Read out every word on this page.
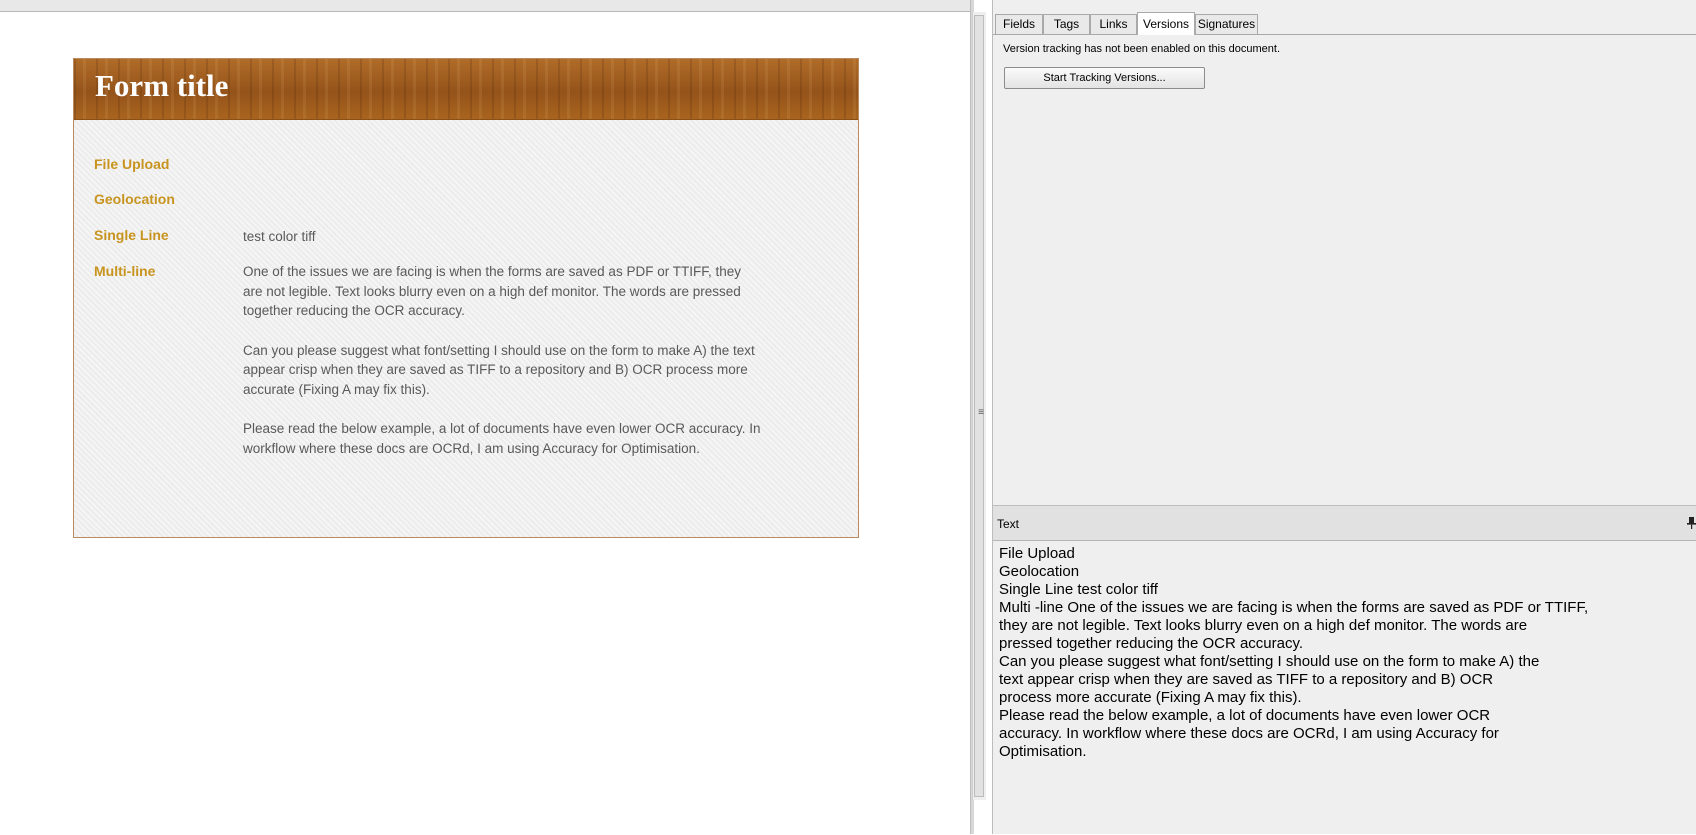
Form title
File Upload
Geolocation
Single Line	test color tiff
Multi-line	One of the issues we are facing is when the forms are saved as PDF or TTIFF, they are not legible. Text looks blurry even on a high def monitor. The words are pressed together reducing the OCR accuracy.

Can you please suggest what font/setting I should use on the form to make A) the text appear crisp when they are saved as TIFF to a repository and B) OCR process more accurate (Fixing A may fix this).

Please read the below example, a lot of documents have even lower OCR accuracy. In workflow where these docs are OCRd, I am using Accuracy for Optimisation.

≡
Fields	Tags	Links	Versions Signatures
Version tracking has not been enabled on this document.
Start Tracking Versions...
Text
File Upload
Geolocation
Single Line test color tiff
Multi -line One of the issues we are facing is when the forms are saved as PDF or TTIFF,
they are not legible. Text looks blurry even on a high def monitor. The words are
pressed together reducing the OCR accuracy.
Can you please suggest what font/setting I should use on the form to make A) the
text appear crisp when they are saved as TIFF to a repository and B) OCR
process more accurate (Fixing A may fix this).
Please read the below example, a lot of documents have even lower OCR
accuracy. In workflow where these docs are OCRd, I am using Accuracy for
Optimisation.
